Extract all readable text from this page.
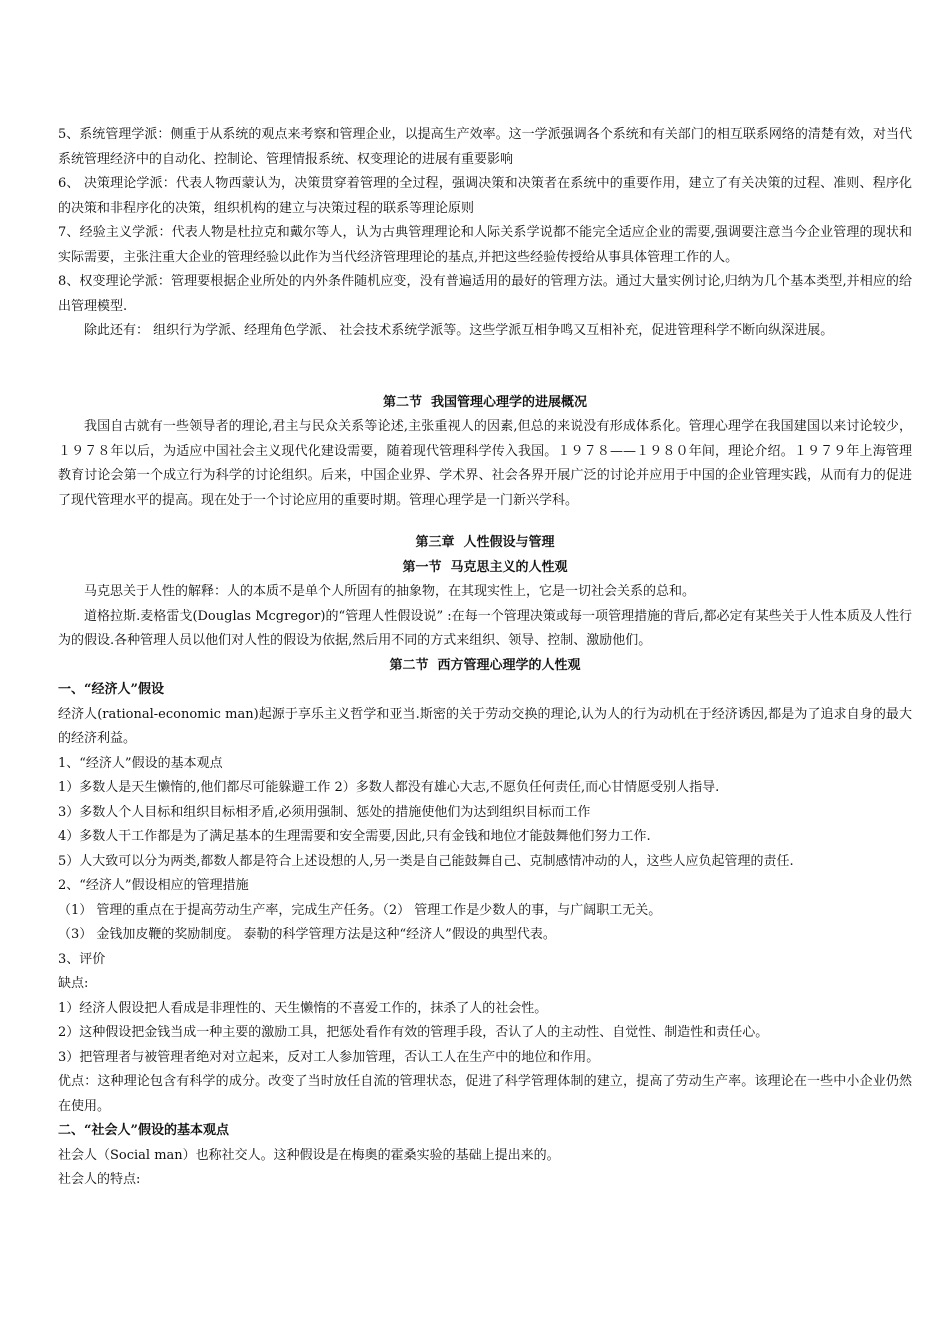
5、系统管理学派：侧重于从系统的观点来考察和管理企业，以提高生产效率。这一学派强调各个系统和有关部门的相互联系网络的清楚有效，对当代系统管理经济中的自动化、控制论、管理情报系统、权变理论的进展有重要影响

6、 决策理论学派：代表人物西蒙认为，决策贯穿着管理的全过程，强调决策和决策者在系统中的重要作用，建立了有关决策的过程、准则、程序化的决策和非程序化的决策，组织机构的建立与决策过程的联系等理论原则

7、经验主义学派：代表人物是杜拉克和戴尔等人，认为古典管理理论和人际关系学说都不能完全适应企业的需要,强调要注意当今企业管理的现状和实际需要，主张注重大企业的管理经验以此作为当代经济管理理论的基点,并把这些经验传授给从事具体管理工作的人。

8、权变理论学派：管理要根据企业所处的内外条件随机应变，没有普遍适用的最好的管理方法。通过大量实例讨论,归纳为几个基本类型,并相应的给出管理模型.

除此还有： 组织行为学派、经理角色学派、 社会技术系统学派等。这些学派互相争鸣又互相补充，促进管理科学不断向纵深进展。

第二节  我国管理心理学的进展概况

我国自古就有一些领导者的理论,君主与民众关系等论述,主张重视人的因素,但总的来说没有形成体系化。管理心理学在我国建国以来讨论较少，１９７８年以后，为适应中国社会主义现代化建设需要，随着现代管理科学传入我国。１９７８——１９８０年间，理论介绍。１９７９年上海管理教育讨论会第一个成立行为科学的讨论组织。后来，中国企业界、学术界、社会各界开展广泛的讨论并应用于中国的企业管理实践，从而有力的促进了现代管理水平的提高。现在处于一个讨论应用的重要时期。管理心理学是一门新兴学科。

第三章  人性假设与管理

第一节  马克思主义的人性观

马克思关于人性的解释：人的本质不是单个人所固有的抽象物，在其现实性上，它是一切社会关系的总和。

道格拉斯.麦格雷戈(Douglas Mcgregor)的“管理人性假设说” :在每一个管理决策或每一项管理措施的背后,都必定有某些关于人性本质及人性行为的假设.各种管理人员以他们对人性的假设为依据,然后用不同的方式来组织、领导、控制、激励他们。

第二节  西方管理心理学的人性观

一、“经济人”假设

经济人(rational-economic man)起源于享乐主义哲学和亚当.斯密的关于劳动交换的理论,认为人的行为动机在于经济诱因,都是为了追求自身的最大的经济利益。

1、“经济人”假设的基本观点

1）多数人是天生懒惰的,他们都尽可能躲避工作 2）多数人都没有雄心大志,不愿负任何责任,而心甘情愿受别人指导.

3）多数人个人目标和组织目标相矛盾,必须用强制、惩处的措施使他们为达到组织目标而工作

4）多数人干工作都是为了满足基本的生理需要和安全需要,因此,只有金钱和地位才能鼓舞他们努力工作.

5）人大致可以分为两类,都数人都是符合上述设想的人,另一类是自己能鼓舞自己、克制感情冲动的人，这些人应负起管理的责任.

2、“经济人”假设相应的管理措施

（1） 管理的重点在于提高劳动生产率，完成生产任务。（2） 管理工作是少数人的事，与广阔职工无关。

（3） 金钱加皮鞭的奖励制度。 泰勒的科学管理方法是这种“经济人”假设的典型代表。

3、评价

缺点:

1）经济人假设把人看成是非理性的、天生懒惰的不喜爱工作的，抹杀了人的社会性。

2）这种假设把金钱当成一种主要的激励工具，把惩处看作有效的管理手段，否认了人的主动性、自觉性、制造性和责任心。

3）把管理者与被管理者绝对对立起来，反对工人参加管理，否认工人在生产中的地位和作用。

优点：这种理论包含有科学的成分。改变了当时放任自流的管理状态，促进了科学管理体制的建立，提高了劳动生产率。该理论在一些中小企业仍然在使用。

二、“社会人”假设的基本观点

社会人（Social man）也称社交人。这种假设是在梅奥的霍桑实验的基础上提出来的。

社会人的特点:
